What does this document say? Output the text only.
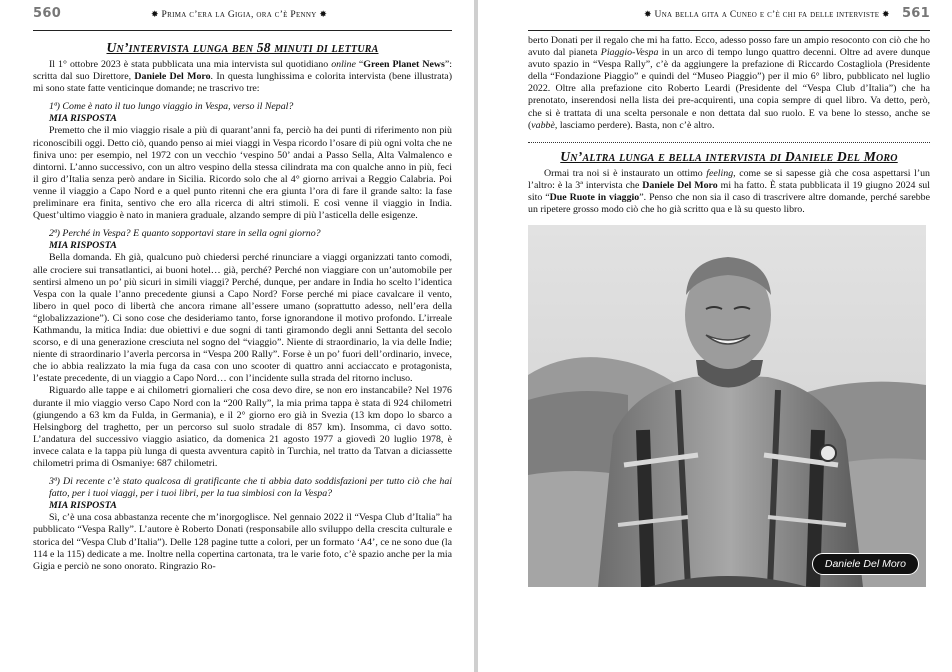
560	✸ Prima c’era la Gigia, ora c’è Penny ✸
Un’intervista lunga ben 58 minuti di lettura

Il 1° ottobre 2023 è stata pubblicata una mia intervista sul quotidiano online “Green Planet News”: scritta dal suo Direttore, Daniele Del Moro. In questa lunghissima e colorita intervista (bene illustrata) mi sono state fatte venticinque domande; ne trascrivo tre:

1ª) Come è nato il tuo lungo viaggio in Vespa, verso il Nepal?

MIA RISPOSTA

Premetto che il mio viaggio risale a più di quarant’anni fa, perciò ha dei punti di riferimento non più riconoscibili oggi. Detto ciò, quando penso ai miei viaggi in Vespa ricordo l’osare di più ogni volta che ne finiva uno: per esempio, nel 1972 con un vecchio ‘vespino 50’ andai a Passo Sella, Alta Valmalenco e dintorni. L’anno successivo, con un altro vespino della stessa cilindrata ma con qualche anno in più, feci il giro d’Italia senza però andare in Sicilia. Ricordo solo che al 4° giorno arrivai a Reggio Calabria. Poi venne il viaggio a Capo Nord e a quel punto ritenni che era giunta l’ora di fare il grande salto: la fase preliminare era finita, sentivo che ero alla ricerca di altri stimoli. E così venne il viaggio in India. Quest’ultimo viaggio è nato in maniera graduale, alzando sempre di più l’asticella delle esigenze.

2ª) Perché in Vespa? E quanto sopportavi stare in sella ogni giorno?

MIA RISPOSTA

Bella domanda. Eh già, qualcuno può chiedersi perché rinunciare a viaggi organizzati tanto comodi, alle crociere sui transatlantici, ai buoni hotel… già, perché? Perché non viaggiare con un’automobile per sentirsi almeno un po’ più sicuri in simili viaggi? Perché, dunque, per andare in India ho scelto l’identica Vespa con la quale l’anno precedente giunsi a Capo Nord? Forse perché mi piace cavalcare il vento, libero in quel poco di libertà che ancora rimane all’essere umano (soprattutto adesso, nell’era della “globalizzazione”). Ci sono cose che desideriamo tanto, forse ignorandone il motivo profondo. L’irreale Kathmandu, la mitica India: due obiettivi e due sogni di tanti giramondo degli anni Settanta del secolo scorso, e di una generazione cresciuta nel sogno del “viaggio”. Niente di straordinario, la via delle Indie; niente di straordinario l’averla percorsa in “Vespa 200 Rally”. Forse è un po’ fuori dell’ordinario, invece, che io abbia realizzato la mia fuga da casa con uno scooter di quattro anni acciaccato e protagonista, l’estate precedente, di un viaggio a Capo Nord… con l’incidente sulla strada del ritorno incluso.

Riguardo alle tappe e ai chilometri giornalieri che cosa devo dire, se non ero instancabile? Nel 1976 durante il mio viaggio verso Capo Nord con la “200 Rally”, la mia prima tappa è stata di 924 chilometri (giungendo a 63 km da Fulda, in Germania), e il 2° giorno ero già in Svezia (13 km dopo lo sbarco a Helsingborg del traghetto, per un percorso sul suolo stradale di 857 km). Insomma, ci davo sotto. L’andatura del successivo viaggio asiatico, da domenica 21 agosto 1977 a giovedì 20 luglio 1978, è invece calata e la tappa più lunga di questa avventura capitò in Turchia, nel tratto da Tatvan a diciassette chilometri prima di Osmaniye: 687 chilometri.

3ª) Di recente c’è stato qualcosa di gratificante che ti abbia dato soddisfazioni per tutto ciò che hai fatto, per i tuoi viaggi, per i tuoi libri, per la tua simbiosi con la Vespa?

MIA RISPOSTA

Sì, c’è una cosa abbastanza recente che m’inorgoglisce. Nel gennaio 2022 il “Vespa Club d’Italia” ha pubblicato “Vespa Rally”. L’autore è Roberto Donati (responsabile allo sviluppo della crescita culturale e storica del “Vespa Club d’Italia”). Delle 128 pagine tutte a colori, per un formato ‘A4’, ce ne sono due (la 114 e la 115) dedicate a me. Inoltre nella copertina cartonata, tra le varie foto, c’è spazio anche per la mia Gigia e perciò ne sono onorato. Ringrazio Ro-

✸ Una bella gita a Cuneo e c’è chi fa delle interviste ✸ 561

berto Donati per il regalo che mi ha fatto. Ecco, adesso posso fare un ampio resoconto con ciò che ho avuto dal pianeta Piaggio-Vespa in un arco di tempo lungo quattro decenni. Oltre ad avere dunque avuto spazio in “Vespa Rally”, c’è da aggiungere la prefazione di Riccardo Costagliola (Presidente della “Fondazione Piaggio” e quindi del “Museo Piaggio”) per il mio 6° libro, pubblicato nel luglio 2022. Oltre alla prefazione cito Roberto Leardi (Presidente del “Vespa Club d’Italia”) che ha prenotato, inserendosi nella lista dei pre-acquirenti, una copia sempre di quel libro. Va detto, però, che si è trattata di una scelta personale e non dettata dal suo ruolo. E va bene lo stesso, anche se (vabbè, lasciamo perdere). Basta, non c’è altro.

Un’altra lunga e bella intervista di Daniele Del Moro

Ormai tra noi si è instaurato un ottimo feeling, come se si sapesse già che cosa aspettarsi l’un l’altro: è la 3ª intervista che Daniele Del Moro mi ha fatto. È stata pubblicata il 19 giugno 2024 sul sito “Due Ruote in viaggio”. Penso che non sia il caso di trascrivere altre domande, perché sarebbe un ripetere grosso modo ciò che ho già scritto qua e là su questo libro.

Daniele Del Moro
